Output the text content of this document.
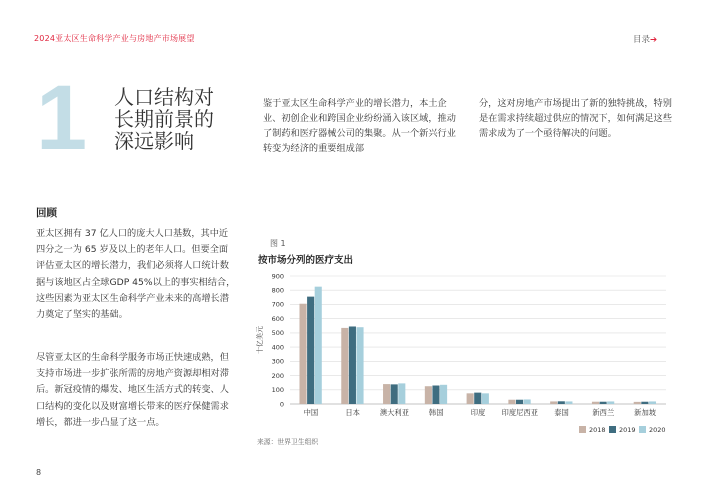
2024亚太区生命科学产业与房地产市场展望	目录➔
1 人口结构对
长期前景的
深远影响
鉴于亚太区生命科学产业的增长潜力，本土企业、初创企业和跨国企业纷纷涌入该区域，推动了制药和医疗器械公司的集聚。从一个新兴行业转变为经济的重要组成部
分，这对房地产市场提出了新的独特挑战，特别是在需求持续超过供应的情况下，如何满足这些需求成为了一个亟待解决的问题。
回顾
亚太区拥有 37 亿人口的庞大人口基数，其中近四分之一为 65 岁及以上的老年人口。但要全面评估亚太区的增长潜力，我们必须将人口统计数据与该地区占全球GDP 45%以上的事实相结合，这些因素为亚太区生命科学产业未来的高增长潜力奠定了坚实的基础。
尽管亚太区的生命科学服务市场正快速成熟，但支持市场进一步扩张所需的房地产资源却相对滞后。新冠疫情的爆发、地区生活方式的转变、人口结构的变化以及财富增长带来的医疗保健需求增长，都进一步凸显了这一点。
图 1
按市场分列的医疗支出
0
100
200
300
400
500
600
700
800
900
中国	日本	澳大利亚	韩国	印度 印度尼西亚 泰国	新西兰	新加坡
十亿美元
2018 2019 2020
来源：世界卫生组织
8
